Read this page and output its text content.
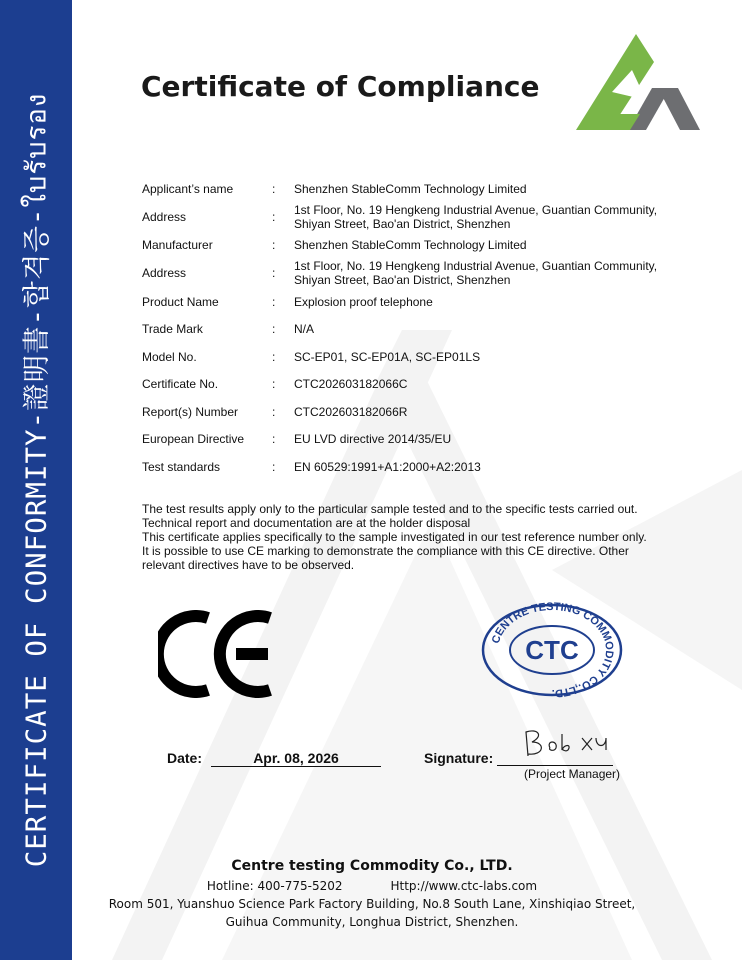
CERTIFICATE OF CONFORMITY-證明書-합격증-ใบรับรอง
Certificate of Compliance
Applicant’s name	:	Shenzhen StableComm Technology Limited
Address	:	1st Floor, No. 19 Hengkeng Industrial Avenue, Guantian Community,
Shiyan Street, Bao'an District, Shenzhen
Manufacturer	:	Shenzhen StableComm Technology Limited
Address	:	1st Floor, No. 19 Hengkeng Industrial Avenue, Guantian Community,
Shiyan Street, Bao'an District, Shenzhen
Product Name	:	Explosion proof telephone
Trade Mark	:	N/A
Model No.	:	SC-EP01, SC-EP01A, SC-EP01LS
Certificate No.	:	CTC202603182066C
Report(s) Number	:	CTC202603182066R
European Directive	:	EU LVD directive 2014/35/EU
Test standards	:	EN 60529:1991+A1:2000+A2:2013

The test results apply only to the particular sample tested and to the specific tests carried out.

Technical report and documentation are at the holder disposal

This certificate applies specifically to the sample investigated in our test reference number only.

It is possible to use CE marking to demonstrate the compliance with this CE directive. Other

relevant directives have to be observed.

CENTRE TESTING COMMODITY CO.,LTD.
CTC
Date:	Apr. 08, 2026	Signature:
(Project Manager)
Centre testing Commodity Co., LTD.
Hotline: 400-775-5202	Http://www.ctc-labs.com
Room 501, Yuanshuo Science Park Factory Building, No.8 South Lane, Xinshiqiao Street,
Guihua Community, Longhua District, Shenzhen.
